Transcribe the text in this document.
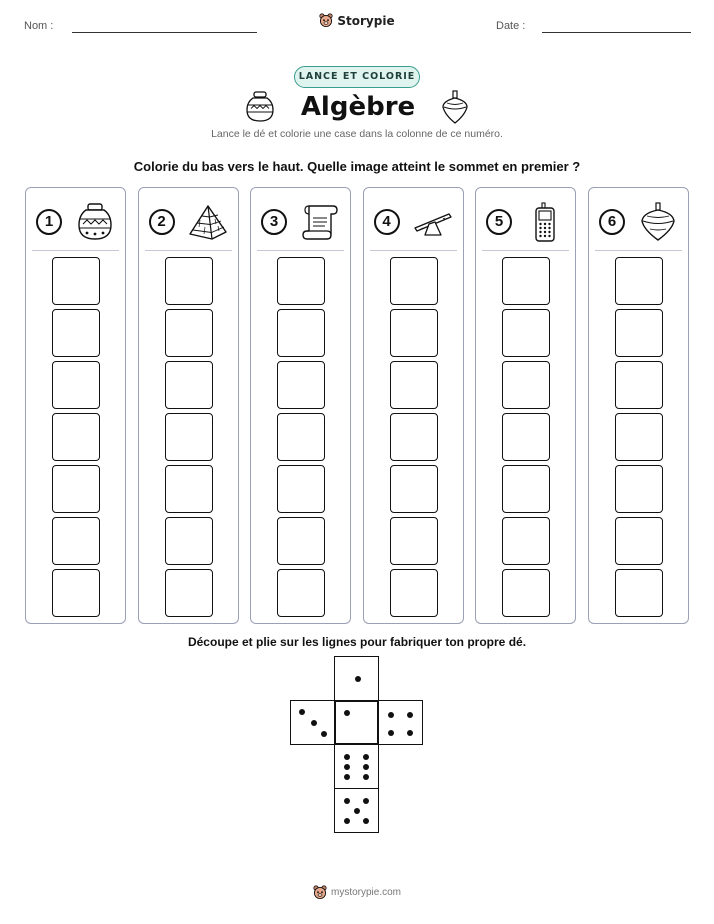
Nom :	Storypie	Date :
LANCE ET COLORIE
Algèbre
Lance le dé et colorie une case dans la colonne de ce numéro.
Colorie du bas vers le haut. Quelle image atteint le sommet en premier ?
1	2	3	4	5	6
Découpe et plie sur les lignes pour fabriquer ton propre dé.
mystorypie.com
